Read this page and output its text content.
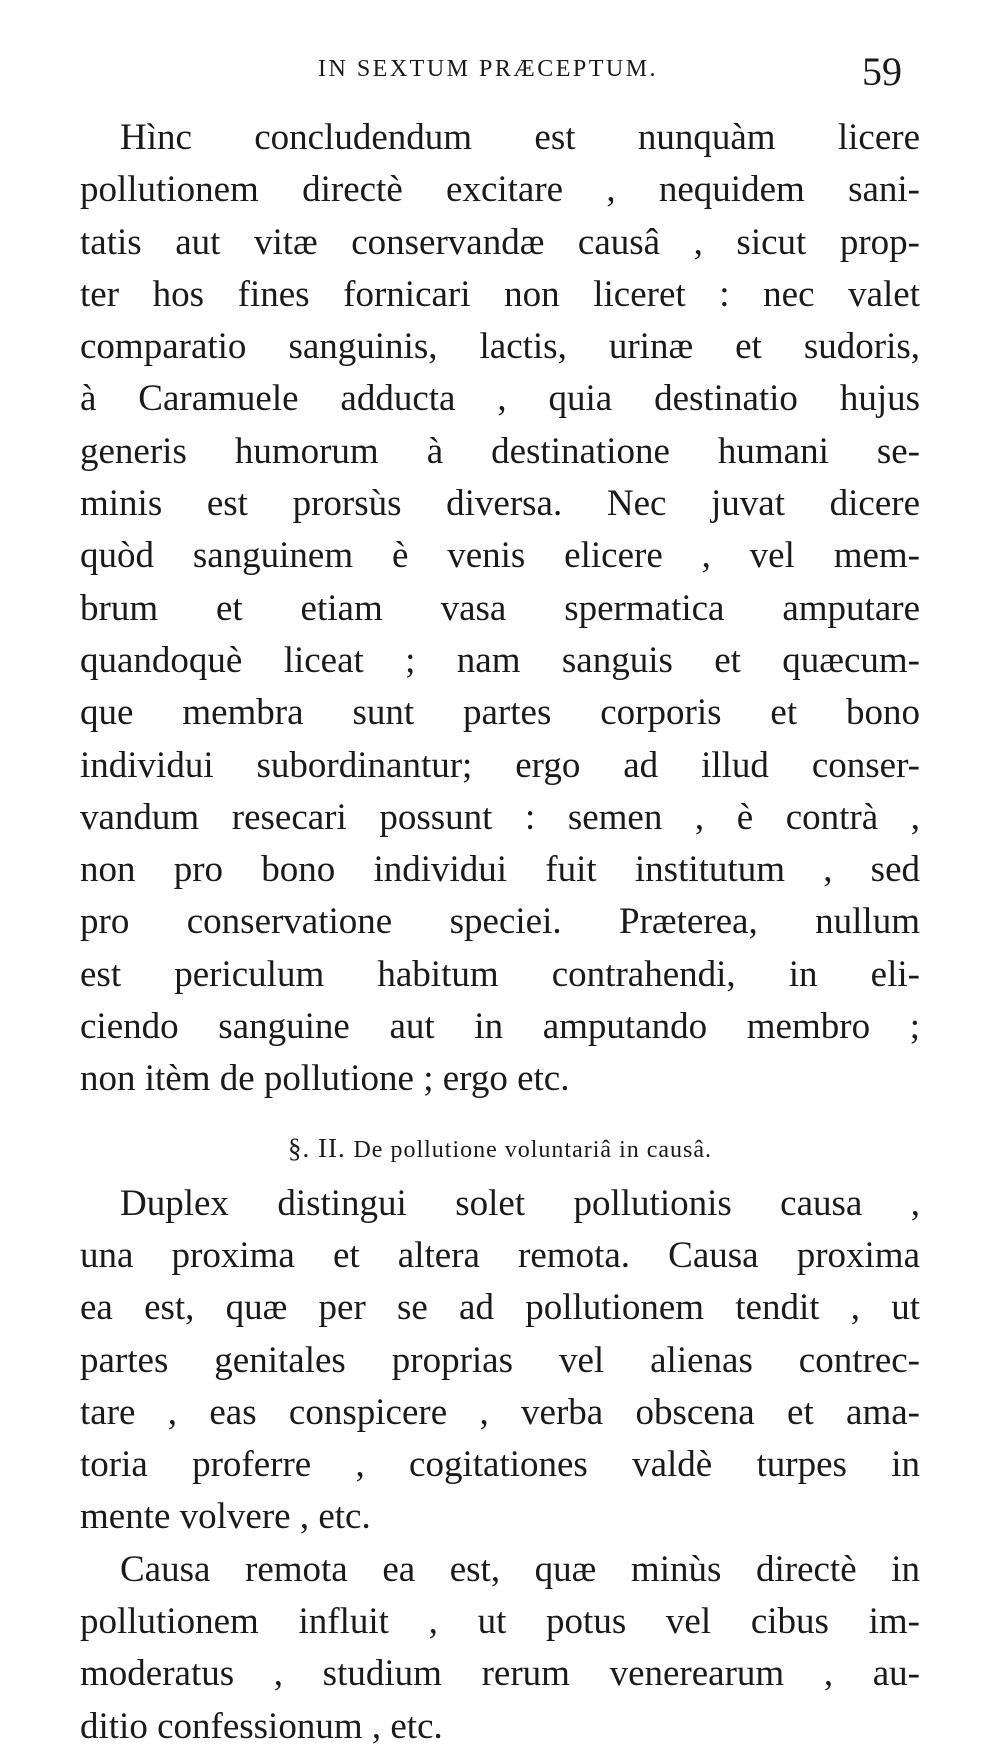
IN SEXTUM PRÆCEPTUM.	59
Hìnc concludendum est nunquàm licere
pollutionem directè excitare , nequidem sani-
tatis aut vitæ conservandæ causâ , sicut prop-
ter hos fines fornicari non liceret : nec valet
comparatio sanguinis, lactis, urinæ et sudoris,
à Caramuele adducta , quia destinatio hujus
generis humorum à destinatione humani se-
minis est prorsùs diversa. Nec juvat dicere
quòd sanguinem è venis elicere , vel mem-
brum et etiam vasa spermatica amputare
quandoquè liceat ; nam sanguis et quæcum-
que membra sunt partes corporis et bono
individui subordinantur; ergo ad illud conser-
vandum resecari possunt : semen , è contrà ,
non pro bono individui fuit institutum , sed
pro conservatione speciei. Præterea, nullum
est periculum habitum contrahendi, in eli-
ciendo sanguine aut in amputando membro ;
non itèm de pollutione ; ergo etc.
§. II. De pollutione voluntariâ in causâ.
Duplex distingui solet pollutionis causa ,
una proxima et altera remota. Causa proxima
ea est, quæ per se ad pollutionem tendit , ut
partes genitales proprias vel alienas contrec-
tare , eas conspicere , verba obscena et ama-
toria proferre , cogitationes valdè turpes in
mente volvere , etc.
Causa remota ea est, quæ minùs directè in
pollutionem influit , ut potus vel cibus im-
moderatus , studium rerum venerearum , au-
ditio confessionum , etc.
